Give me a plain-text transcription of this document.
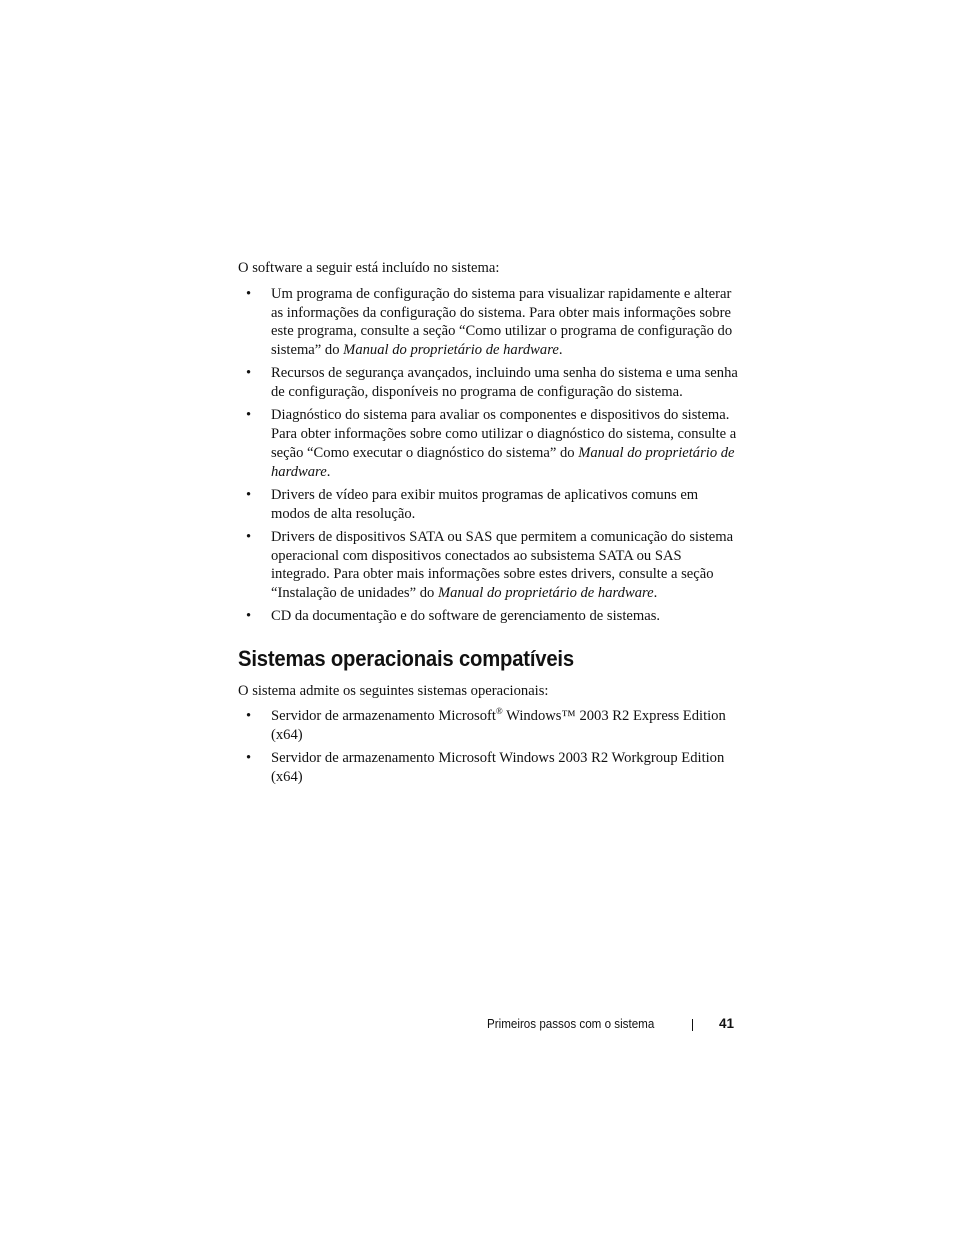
O software a seguir está incluído no sistema:

• Um programa de configuração do sistema para visualizar rapidamente e alterar as informações da configuração do sistema. Para obter mais informações sobre este programa, consulte a seção “Como utilizar o programa de configuração do sistema” do Manual do proprietário de hardware.
• Recursos de segurança avançados, incluindo uma senha do sistema e uma senha de configuração, disponíveis no programa de configuração do sistema.
• Diagnóstico do sistema para avaliar os componentes e dispositivos do sistema. Para obter informações sobre como utilizar o diagnóstico do sistema, consulte a seção “Como executar o diagnóstico do sistema” do Manual do proprietário de hardware.
• Drivers de vídeo para exibir muitos programas de aplicativos comuns em modos de alta resolução.
• Drivers de dispositivos SATA ou SAS que permitem a comunicação do sistema operacional com dispositivos conectados ao subsistema SATA ou SAS integrado. Para obter mais informações sobre estes drivers, consulte a seção “Instalação de unidades” do Manual do proprietário de hardware.
• CD da documentação e do software de gerenciamento de sistemas.
Sistemas operacionais compatíveis

O sistema admite os seguintes sistemas operacionais:

• Servidor de armazenamento Microsoft® Windows™ 2003 R2 Express Edition (x64)
• Servidor de armazenamento Microsoft Windows 2003 R2 Workgroup Edition (x64)
Primeiros passos com o sistema	41
